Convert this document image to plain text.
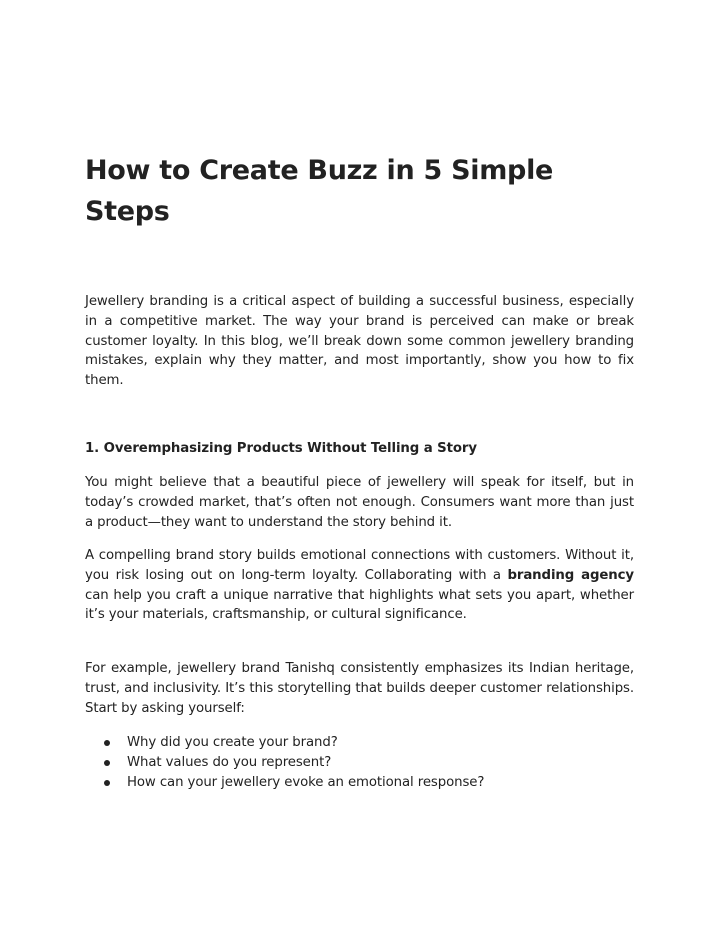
How to Create Buzz in 5 Simple Steps

Jewellery branding is a critical aspect of building a successful business, especially in a competitive market. The way your brand is perceived can make or break customer loyalty. In this blog, we’ll break down some common jewellery branding mistakes, explain why they matter, and most importantly, show you how to fix them.

1. Overemphasizing Products Without Telling a Story

You might believe that a beautiful piece of jewellery will speak for itself, but in today’s crowded market, that’s often not enough. Consumers want more than just a product—they want to understand the story behind it.

A compelling brand story builds emotional connections with customers. Without it, you risk losing out on long-term loyalty. Collaborating with a branding agency can help you craft a unique narrative that highlights what sets you apart, whether it’s your materials, craftsmanship, or cultural significance.

For example, jewellery brand Tanishq consistently emphasizes its Indian heritage, trust, and inclusivity. It’s this storytelling that builds deeper customer relationships. Start by asking yourself:

Why did you create your brand?
What values do you represent?
How can your jewellery evoke an emotional response?
